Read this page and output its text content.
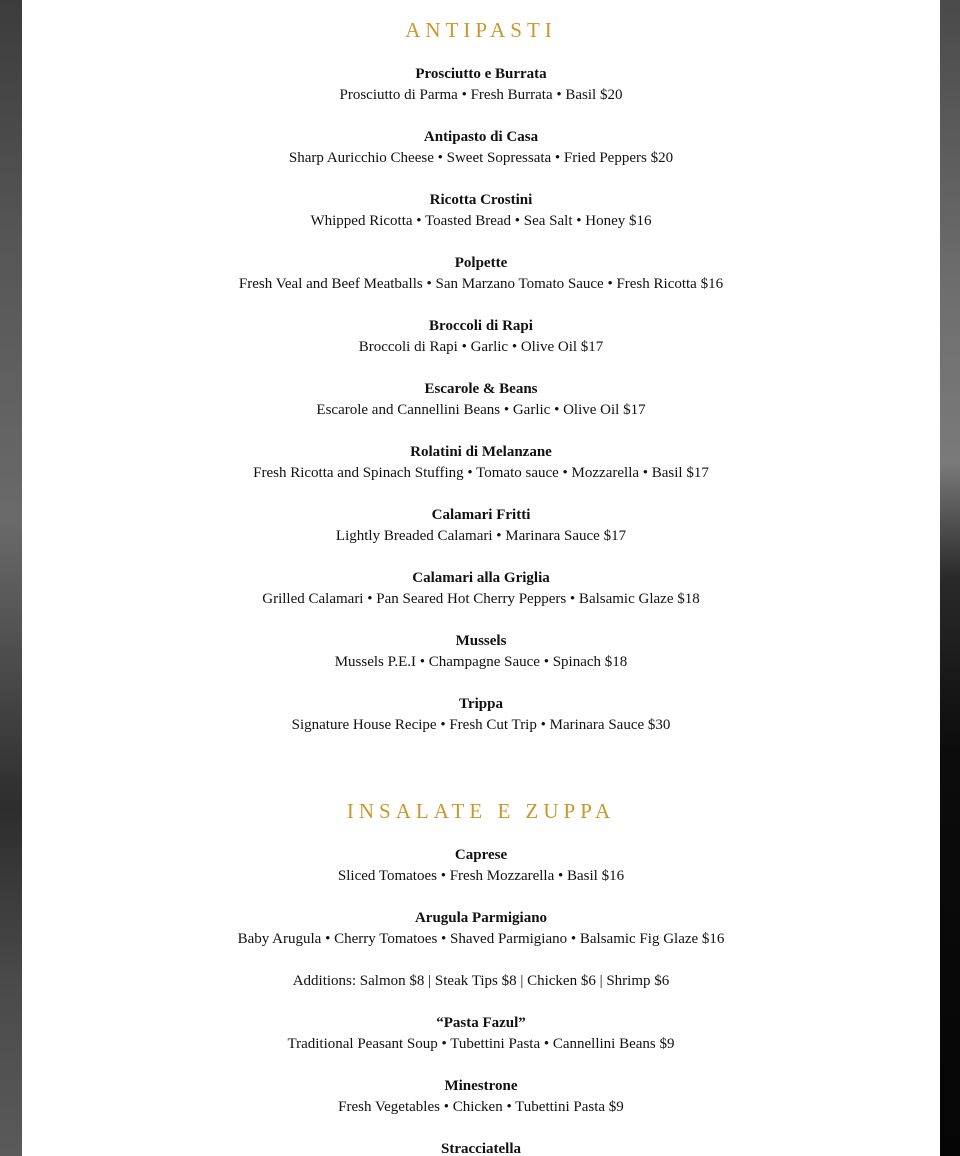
ANTIPASTI
Prosciutto e Burrata
Prosciutto di Parma • Fresh Burrata • Basil $20
Antipasto di Casa
Sharp Auricchio Cheese • Sweet Sopressata • Fried Peppers $20
Ricotta Crostini
Whipped Ricotta • Toasted Bread • Sea Salt • Honey $16
Polpette
Fresh Veal and Beef Meatballs • San Marzano Tomato Sauce • Fresh Ricotta $16
Broccoli di Rapi
Broccoli di Rapi • Garlic • Olive Oil $17
Escarole & Beans
Escarole and Cannellini Beans • Garlic • Olive Oil $17
Rolatini di Melanzane
Fresh Ricotta and Spinach Stuffing • Tomato sauce • Mozzarella • Basil $17
Calamari Fritti
Lightly Breaded Calamari • Marinara Sauce $17
Calamari alla Griglia
Grilled Calamari • Pan Seared Hot Cherry Peppers • Balsamic Glaze $18
Mussels
Mussels P.E.I • Champagne Sauce • Spinach $18
Trippa
Signature House Recipe • Fresh Cut Trip • Marinara Sauce $30
INSALATE E ZUPPA
Caprese
Sliced Tomatoes • Fresh Mozzarella • Basil $16
Arugula Parmigiano
Baby Arugula • Cherry Tomatoes • Shaved Parmigiano • Balsamic Fig Glaze $16
Additions: Salmon $8 | Steak Tips $8 | Chicken $6 | Shrimp $6
“Pasta Fazul”
Traditional Peasant Soup • Tubettini Pasta • Cannellini Beans $9
Minestrone
Fresh Vegetables • Chicken • Tubettini Pasta $9
Stracciatella
